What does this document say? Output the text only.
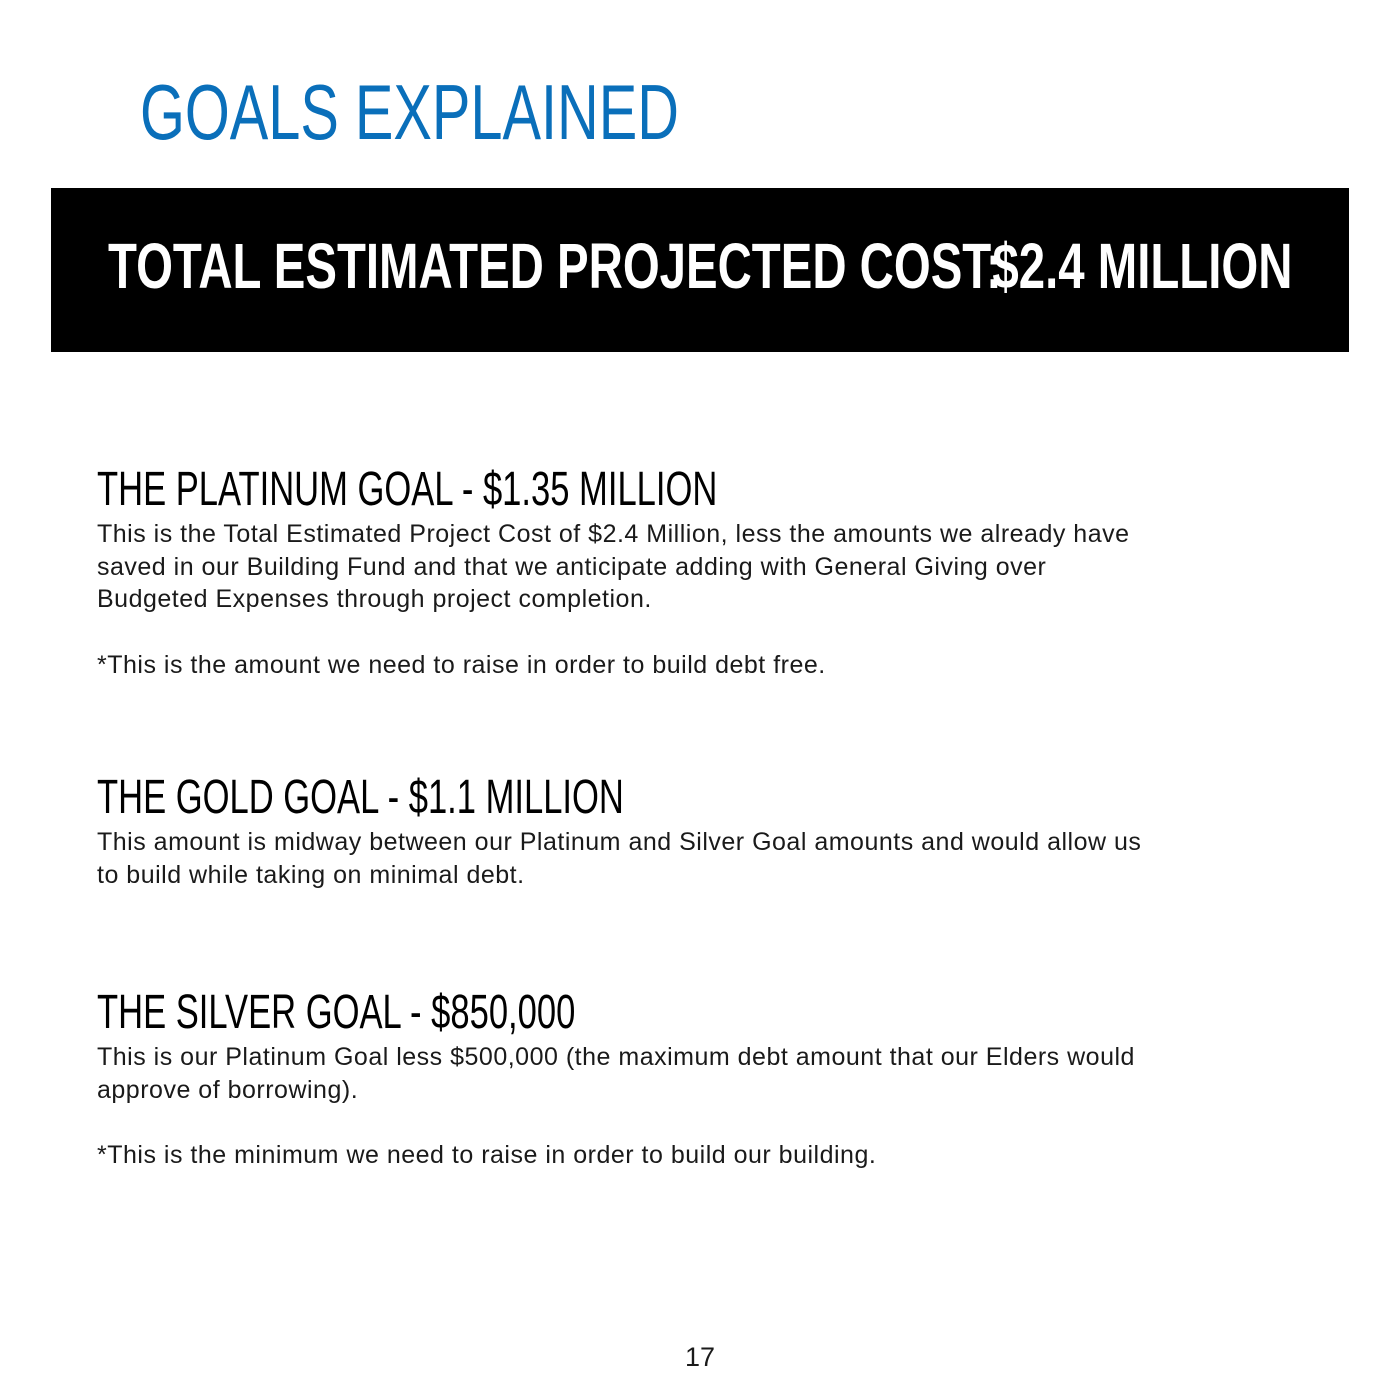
GOALS EXPLAINED
TOTAL ESTIMATED PROJECTED COST:
$2.4 MILLION
THE PLATINUM GOAL - $1.35 MILLION

This is the Total Estimated Project Cost of $2.4 Million, less the amounts we already have saved in our Building Fund and that we anticipate adding with General Giving over Budgeted Expenses through project completion.

*This is the amount we need to raise in order to build debt free.

THE GOLD GOAL - $1.1 MILLION

This amount is midway between our Platinum and Silver Goal amounts and would allow us to build while taking on minimal debt.

THE SILVER GOAL - $850,000

This is our Platinum Goal less $500,000 (the maximum debt amount that our Elders would approve of borrowing).

*This is the minimum we need to raise in order to build our building.

17
